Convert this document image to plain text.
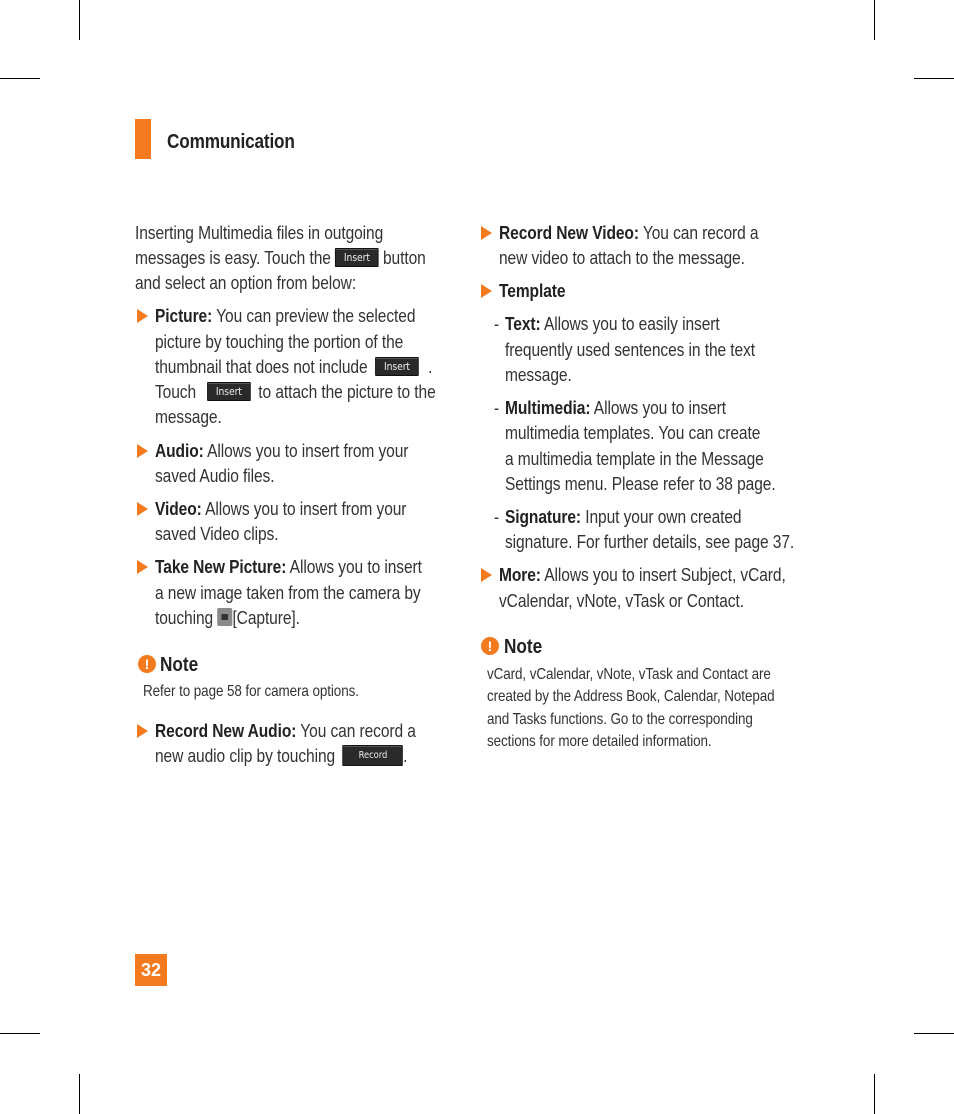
Communication
Inserting Multimedia files in outgoing
messages is easy. Touch the Insert button
and select an option from below:
Picture: You can preview the selected
picture by touching the portion of the
thumbnail that does not include Insert .
Touch Insert to attach the picture to the
message.
Audio: Allows you to insert from your
saved Audio files.
Video: Allows you to insert from your
saved Video clips.
Take New Picture: Allows you to insert
a new image taken from the camera by
touching [Capture].
! Note
Refer to page 58 for camera options.
Record New Audio: You can record a
new audio clip by touching Record .
Record New Video: You can record a
new video to attach to the message.
Template
- Text: Allows you to easily insert
frequently used sentences in the text
message.
- Multimedia: Allows you to insert
multimedia templates. You can create
a multimedia template in the Message
Settings menu. Please refer to 38 page.
- Signature: Input your own created
signature. For further details, see page 37.
More: Allows you to insert Subject, vCard,
vCalendar, vNote, vTask or Contact.
! Note
vCard, vCalendar, vNote, vTask and Contact are
created by the Address Book, Calendar, Notepad
and Tasks functions. Go to the corresponding
sections for more detailed information.
32
